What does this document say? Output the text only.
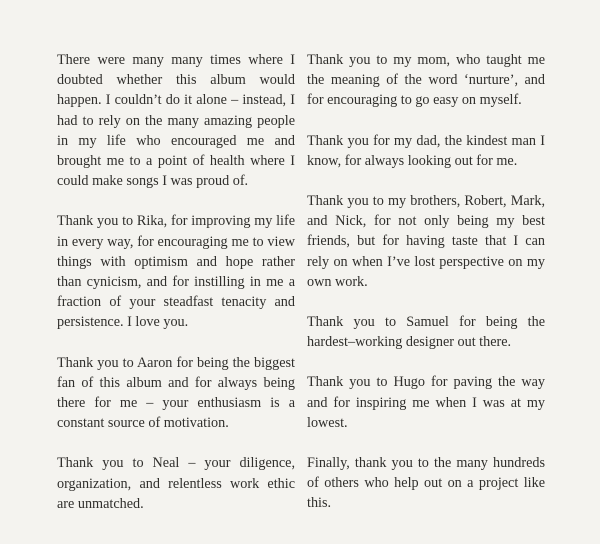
There were many many times where I doubted whether this album would happen. I couldn’t do it alone – instead, I had to rely on the many amazing people in my life who encouraged me and brought me to a point of health where I could make songs I was proud of.

Thank you to Rika, for improving my life in every way, for encouraging me to view things with optimism and hope rather than cynicism, and for instilling in me a fraction of your steadfast tenacity and persistence. I love you.

Thank you to Aaron for being the biggest fan of this album and for always being there for me – your enthusiasm is a constant source of motivation.

Thank you to Neal – your diligence, organization, and relentless work ethic are unmatched.

Thank you to my mom, who taught me the meaning of the word ‘nurture’, and for encouraging to go easy on myself.

Thank you for my dad, the kindest man I know, for always looking out for me.

Thank you to my brothers, Robert, Mark, and Nick, for not only being my best friends, but for having taste that I can rely on when I’ve lost perspective on my own work.

Thank you to Samuel for being the hardest–working designer out there.

Thank you to Hugo for paving the way and for inspiring me when I was at my lowest.

Finally, thank you to the many hundreds of others who help out on a project like this.
